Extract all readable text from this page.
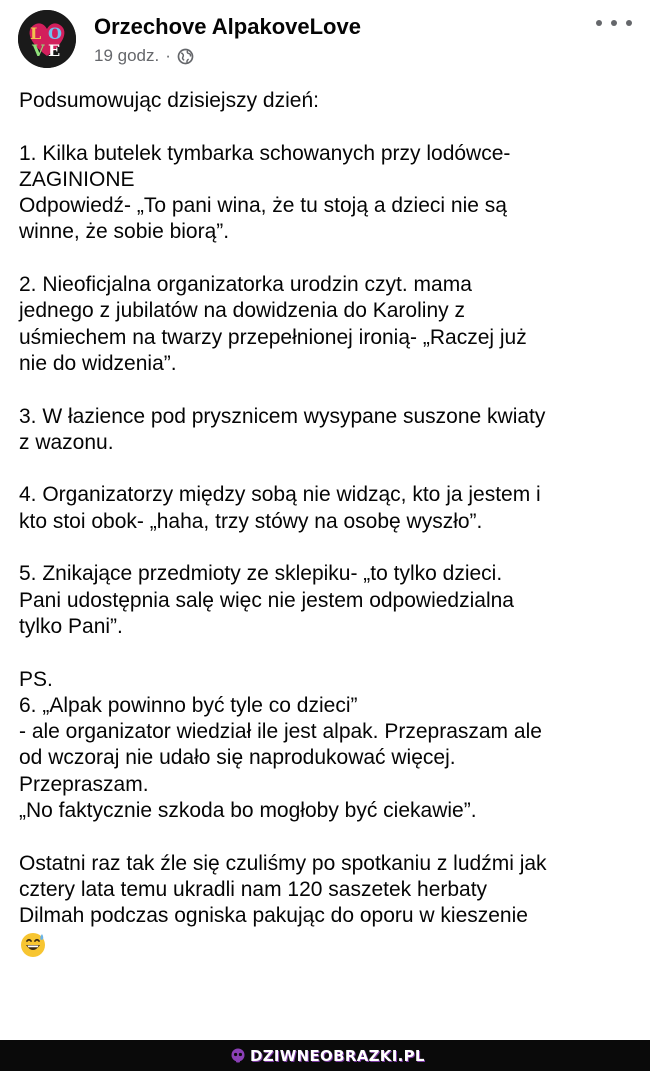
L O
V E
Orzechove AlpakoveLove
19 godz. ·

Podsumowując dzisiejszy dzień:

1. Kilka butelek tymbarka schowanych przy lodówce-

ZAGINIONE

Odpowiedź- „To pani wina, że tu stoją a dzieci nie są

winne, że sobie biorą”.

2. Nieoficjalna organizatorka urodzin czyt. mama

jednego z jubilatów na dowidzenia do Karoliny z

uśmiechem na twarzy przepełnionej ironią- „Raczej już

nie do widzenia”.

3. W łazience pod prysznicem wysypane suszone kwiaty

z wazonu.

4. Organizatorzy między sobą nie widząc, kto ja jestem i

kto stoi obok- „haha, trzy stówy na osobę wyszło”.

5. Znikające przedmioty ze sklepiku- „to tylko dzieci.

Pani udostępnia salę więc nie jestem odpowiedzialna

tylko Pani”.

PS.

6. „Alpak powinno być tyle co dzieci”

- ale organizator wiedział ile jest alpak. Przepraszam ale

od wczoraj nie udało się naprodukować więcej.

Przepraszam.

„No faktycznie szkoda bo mogłoby być ciekawie”.

Ostatni raz tak źle się czuliśmy po spotkaniu z ludźmi jak

cztery lata temu ukradli nam 120 saszetek herbaty

Dilmah podczas ogniska pakując do oporu w kieszenie

DZIWNEOBRAZKI.PL
